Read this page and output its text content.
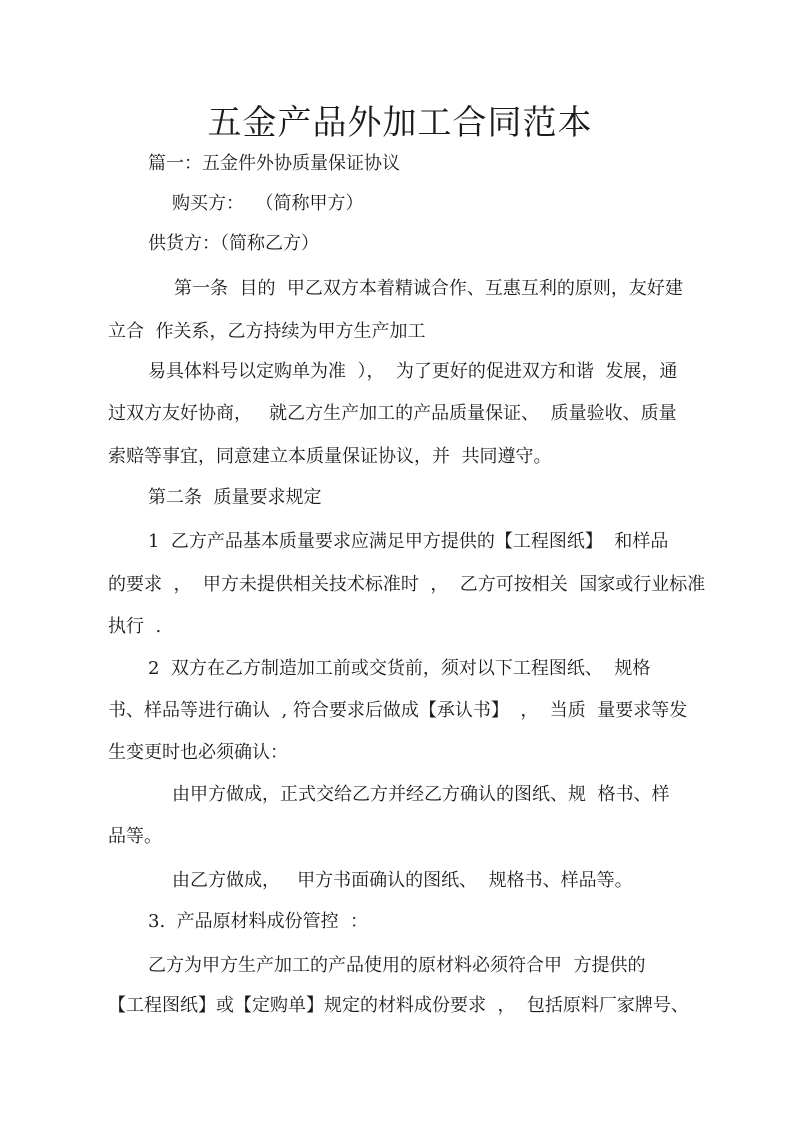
五金产品外加工合同范本
篇一：五金件外协质量保证协议
购买方：  （简称甲方）
供货方：（简称乙方）
第一条  目的  甲乙双方本着精诚合作、互惠互利的原则，友好建
立合  作关系，乙方持续为甲方生产加工
易具体料号以定购单为准  ），  为了更好的促进双方和谐  发展，通
过双方友好协商，   就乙方生产加工的产品质量保证、  质量验收、质量
索赔等事宜，同意建立本质量保证协议，并  共同遵守。
第二条  质量要求规定
1  乙方产品基本质量要求应满足甲方提供的【工程图纸】  和样品
的要求  ，  甲方未提供相关技术标准时  ，  乙方可按相关  国家或行业标准
执行  .
2  双方在乙方制造加工前或交货前，须对以下工程图纸、  规格
书、样品等进行确认  , 符合要求后做成【承认书】  ，  当质  量要求等发
生变更时也必须确认：
由甲方做成，正式交给乙方并经乙方确认的图纸、规  格书、样
品等。
由乙方做成，   甲方书面确认的图纸、  规格书、样品等。
3.  产品原材料成份管控  ：
乙方为甲方生产加工的产品使用的原材料必须符合甲  方提供的
【工程图纸】或【定购单】规定的材料成份要求  ，  包括原料厂家牌号、
